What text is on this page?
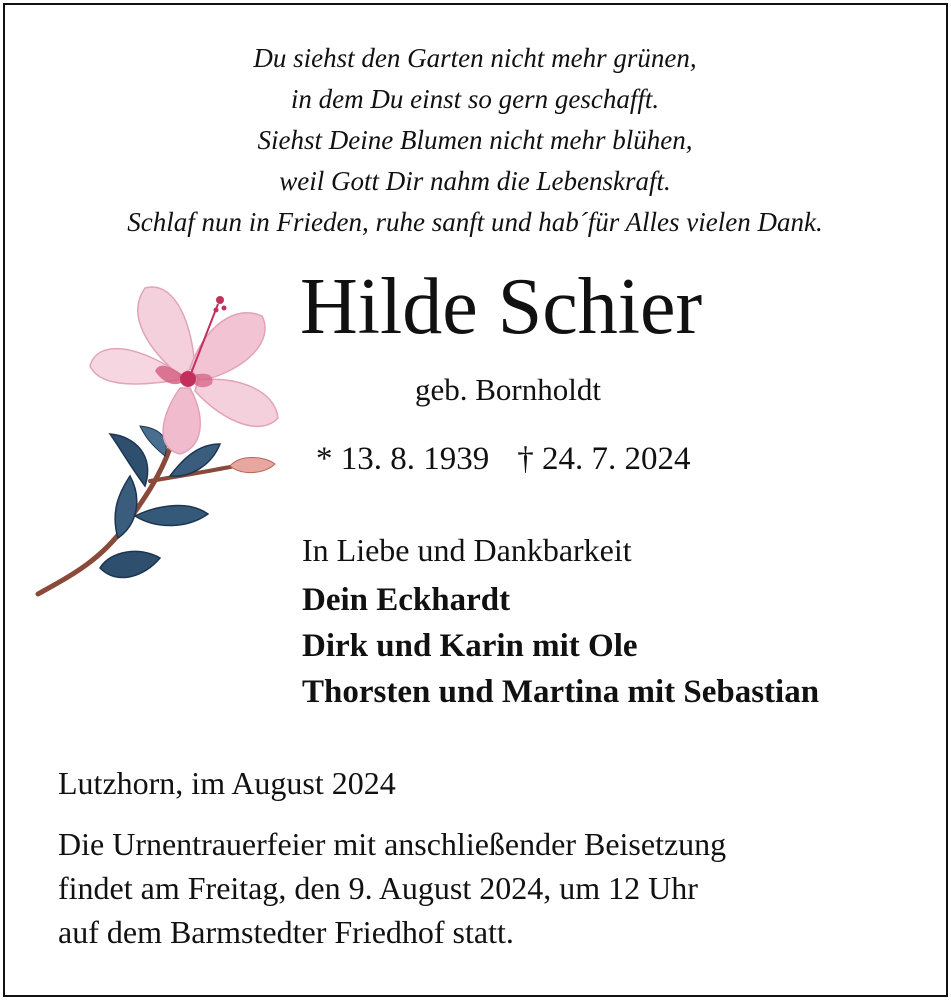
Du siehst den Garten nicht mehr grünen,
in dem Du einst so gern geschafft.
Siehst Deine Blumen nicht mehr blühen,
weil Gott Dir nahm die Lebenskraft.
Schlaf nun in Frieden, ruhe sanft und hab´für Alles vielen Dank.
Hilde Schier
geb. Bornholdt
* 13. 8. 1939 † 24. 7. 2024
In Liebe und Dankbarkeit
Dein Eckhardt
Dirk und Karin mit Ole
Thorsten und Martina mit Sebastian
Lutzhorn, im August 2024
Die Urnentrauerfeier mit anschließender Beisetzung
findet am Freitag, den 9. August 2024, um 12 Uhr
auf dem Barmstedter Friedhof statt.
